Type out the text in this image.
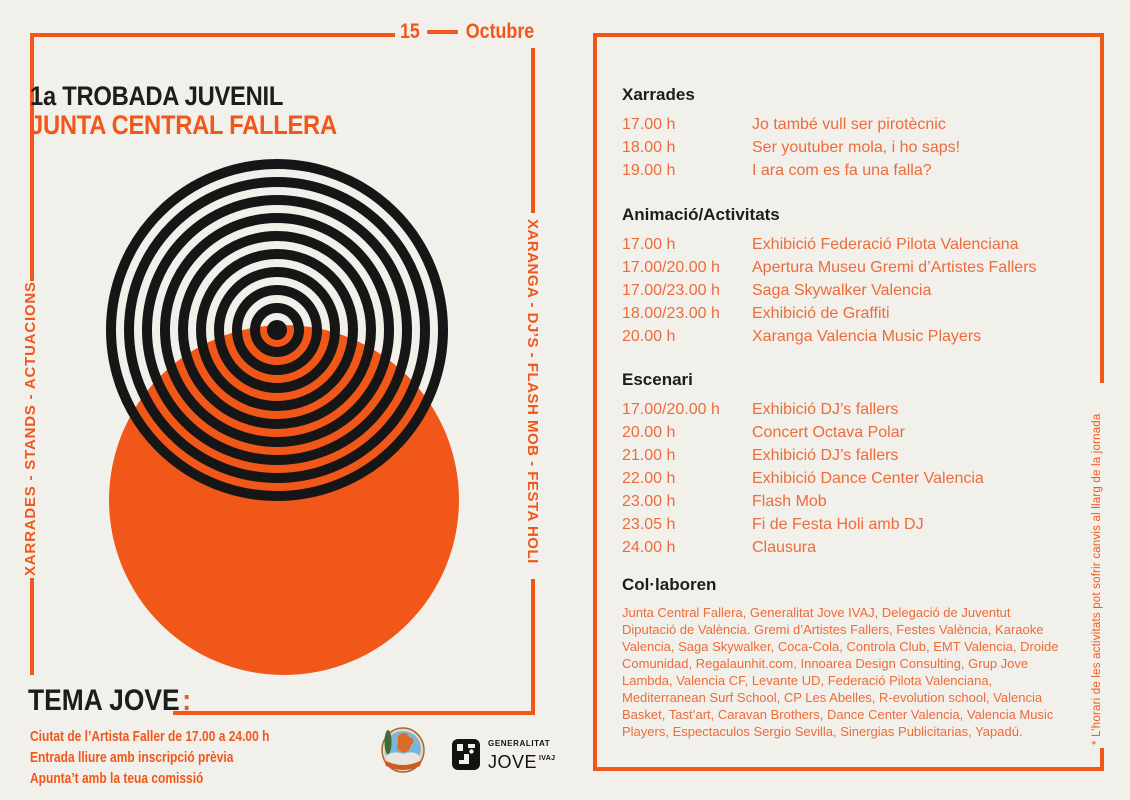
15 Octubre
1a TROBADA JUVENIL
JUNTA CENTRAL FALLERA
XARRADES - STANDS - ACTUACIONS	XARANGA - DJ’S - FLASH MOB - FESTA HOLI
TEMA JOVE:
Ciutat de l’Artista Faller de 17.00 a 24.00 h
Entrada lliure amb inscripció prèvia
Apunta’t amb la teua comissió
GENERALITAT
JOVE $^{IVAJ}$
Xarrades
17.00 h	Jo també vull ser pirotècnic
18.00 h	Ser youtuber mola, i ho saps!
19.00 h	I ara com es fa una falla?
Animació/Activitats
17.00 h	Exhibició Federació Pilota Valenciana
17.00/20.00 h	Apertura Museu Gremi d’Artistes Fallers
17.00/23.00 h	Saga Skywalker Valencia
18.00/23.00 h	Exhibició de Graffiti
20.00 h	Xaranga Valencia Music Players
Escenari
17.00/20.00 h	Exhibició DJ’s fallers
20.00 h	Concert Octava Polar
21.00 h	Exhibició DJ’s fallers
22.00 h	Exhibició Dance Center Valencia
23.00 h	Flash Mob
23.05 h	Fi de Festa Holi amb DJ
24.00 h	Clausura
Col·laboren
Junta Central Fallera, Generalitat Jove IVAJ, Delegació de Juventut Diputació de València. Gremi d’Artistes Fallers, Festes València, Karaoke Valencia, Saga Skywalker, Coca-Cola, Controla Club, EMT Valencia, Droide Comunidad, Regalaunhit.com, Innoarea Design Consulting, Grup Jove Lambda, Valencia CF, Levante UD, Federació Pilota Valenciana, Mediterranean Surf School, CP Les Abelles, R-evolution school, Valencia Basket, Tast’art, Caravan Brothers, Dance Center Valencia, Valencia Music Players, Espectaculos Sergio Sevilla, Sinergias Publicitarias, Yapadú.	* L’horari de les activitats pot sofrir canvis al llarg de la jornada
